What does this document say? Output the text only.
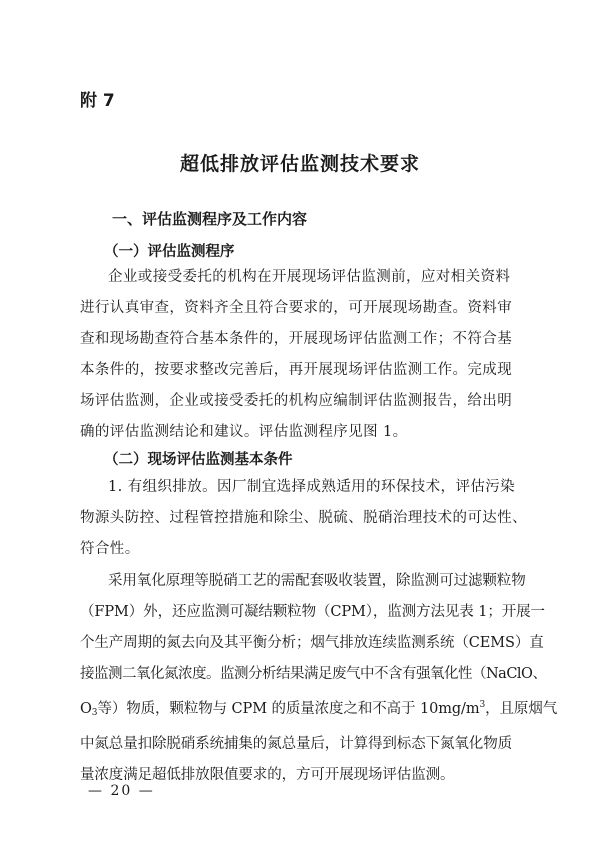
附 7
超低排放评估监测技术要求
一、评估监测程序及工作内容
（一）评估监测程序
企业或接受委托的机构在开展现场评估监测前，应对相关资料
进行认真审查，资料齐全且符合要求的，可开展现场勘查。资料审
查和现场勘查符合基本条件的，开展现场评估监测工作；不符合基
本条件的，按要求整改完善后，再开展现场评估监测工作。完成现
场评估监测，企业或接受委托的机构应编制评估监测报告，给出明
确的评估监测结论和建议。评估监测程序见图 1。
（二）现场评估监测基本条件
1. 有组织排放。因厂制宜选择成熟适用的环保技术，评估污染
物源头防控、过程管控措施和除尘、脱硫、脱硝治理技术的可达性、
符合性。
采用氧化原理等脱硝工艺的需配套吸收装置，除监测可过滤颗粒物
（FPM）外，还应监测可凝结颗粒物（CPM），监测方法见表 1；开展一
个生产周期的氮去向及其平衡分析；烟气排放连续监测系统（CEMS）直
接监测二氧化氮浓度。监测分析结果满足废气中不含有强氧化性（NaClO、
$O_3$等）物质，颗粒物与 CPM 的质量浓度之和不高于 $10mg/m^3$，且原烟气
中氮总量扣除脱硝系统捕集的氮总量后，计算得到标态下氮氧化物质
量浓度满足超低排放限值要求的，方可开展现场评估监测。
— 20 —
